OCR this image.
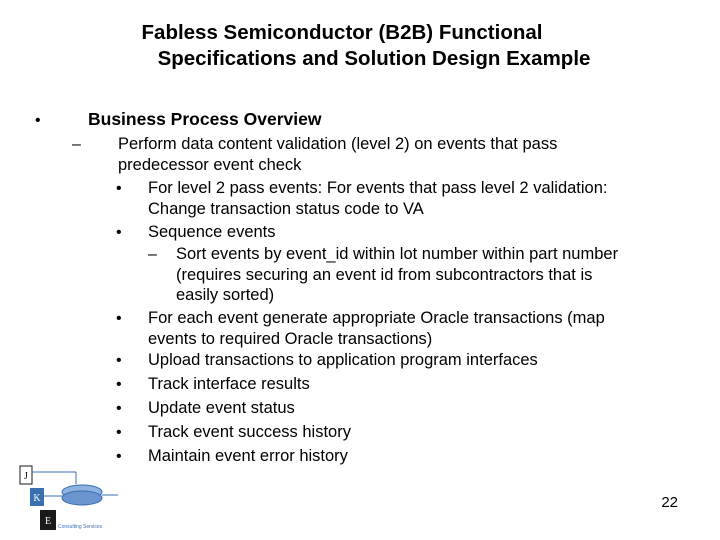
Fabless Semiconductor (B2B) Functional
Specifications and Solution Design Example
•	Business Process Overview
– Perform data content validation (level 2) on events that pass
predecessor event check
• For level 2 pass events: For events that pass level 2 validation:
Change transaction status code to VA
• Sequence events
– Sort events by event_id within lot number within part number
(requires securing an event id from subcontractors that is
easily sorted)
• For each event generate appropriate Oracle transactions (map
events to required Oracle transactions)
• Upload transactions to application program interfaces
• Track interface results
• Update event status
• Track event success history
• Maintain event error history
J
K
E Consulting Services
22
